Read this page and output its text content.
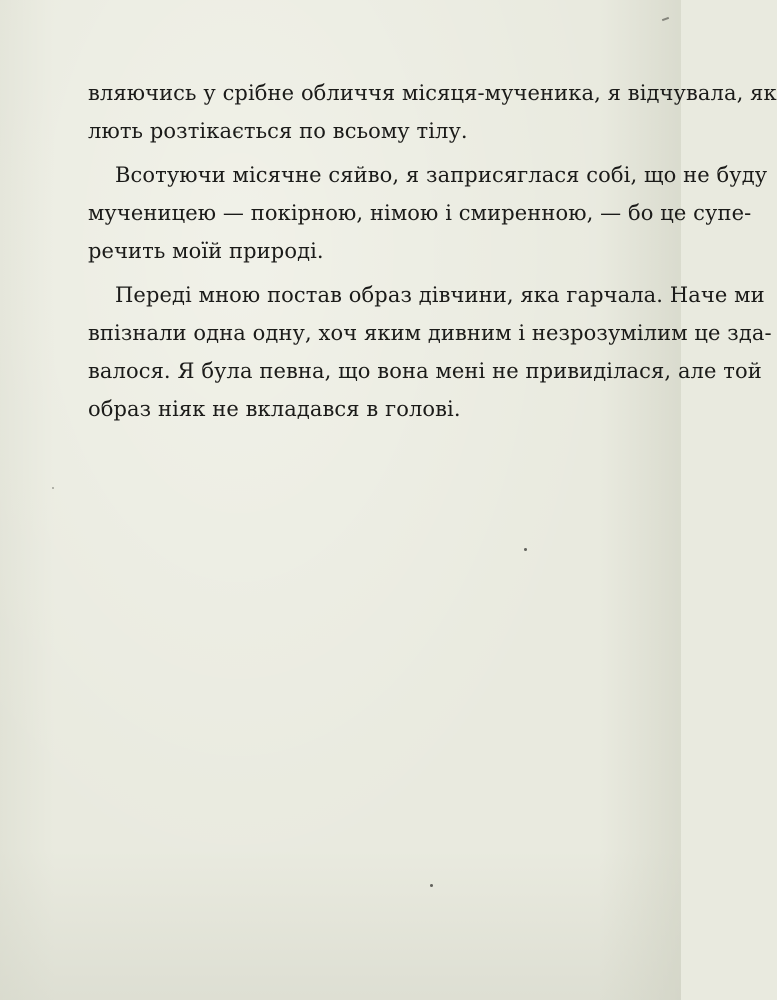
вляючись у срібне обличчя місяця-мученика, я відчувала, як
лють розтікається по всьому тілу.
Всотуючи місячне сяйво, я заприсяглася собі, що не буду
мученицею — покірною, німою і смиренною, — бо це супе-
речить моїй природі.
Переді мною постав образ дівчини, яка гарчала. Наче ми
впізнали одна одну, хоч яким дивним і незрозумілим це зда-
валося. Я була певна, що вона мені не привиділася, але той
образ ніяк не вкладався в голові.
